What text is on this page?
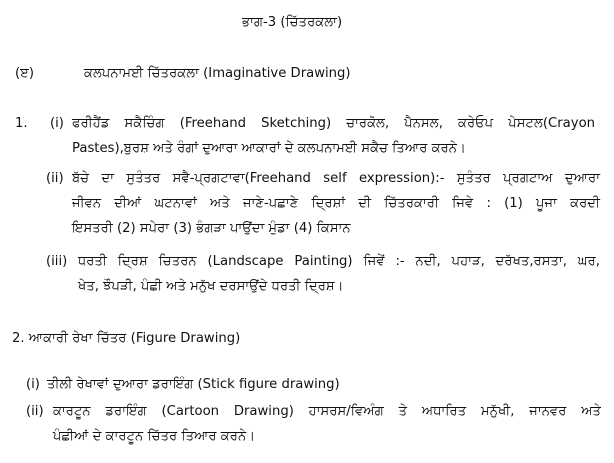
ਭਾਗ-3 (ਚਿੱਤਰਕਲਾ)
(ੲ)	ਕਲਪਨਾਮਈ ਚਿੱਤਰਕਲਾ (Imaginative Drawing)
1. (i) ਫਰੀਹੈਂਡ ਸਕੈਚਿੰਗ (Freehand Sketching) ਚਾਰਕੋਲ, ਪੈਨਸਲ, ਕਰੇਓਪ ਪੇਸਟਲ(Crayon
Pastes),ਬੁਰਸ਼ ਅਤੇ ਰੰਗਾਂ ਦੁਆਰਾ ਆਕਾਰਾਂ ਦੇ ਕਲਪਨਾਮਈ ਸਕੈਚ ਤਿਆਰ ਕਰਨੇ।
(ii) ਬੱਚੇ ਦਾ ਸੁਤੰਤਰ ਸਵੈ-ਪ੍ਰਗਟਾਵਾ(Freehand self expression):- ਸੁਤੰਤਰ ਪ੍ਰਗਟਾਅ ਦੁਆਰਾ
ਜੀਵਨ ਦੀਆਂ ਘਟਨਾਵਾਂ ਅਤੇ ਜਾਣੇ-ਪਛਾਣੇ ਦ੍ਰਿਸ਼ਾਂ ਦੀ ਚਿੱਤਰਕਾਰੀ ਜਿਵੇ : (1) ਪੂਜਾ ਕਰਦੀ
ਇਸਤਰੀ (2) ਸਪੇਰਾ (3) ਭੰਗੜਾ ਪਾਉਂਦਾ ਮੁੰਡਾ (4) ਕਿਸਾਨ
(iii) ਧਰਤੀ ਦ੍ਰਿਸ਼ ਚਿਤਰਨ (Landscape Painting) ਜਿਵੇਂ :- ਨਦੀ, ਪਹਾੜ, ਦਰੱਖਤ,ਰਸਤਾ, ਘਰ,
ਖੇਤ, ਝੌਪੜੀ, ਪੰਛੀ ਅਤੇ ਮਨੁੱਖ ਦਰਸਾਉਂਦੇ ਧਰਤੀ ਦ੍ਰਿਸ਼।
2. ਆਕਾਰੀ ਰੇਖਾ ਚਿੱਤਰ (Figure Drawing)
(i) ਤੀਲੀ ਰੇਖਾਵਾਂ ਦੁਆਰਾ ਡਰਾਇੰਗ (Stick figure drawing)
(ii) ਕਾਰਟੂਨ ਡਰਾਇੰਗ (Cartoon Drawing) ਹਾਸਰਸ/ਵਿਅੰਗ ਤੇ ਅਧਾਰਿਤ ਮਨੁੱਖੀ, ਜਾਨਵਰ ਅਤੇ
ਪੰਛੀਆਂ ਦੇ ਕਾਰਟੂਨ ਚਿੱਤਰ ਤਿਆਰ ਕਰਨੇ।
